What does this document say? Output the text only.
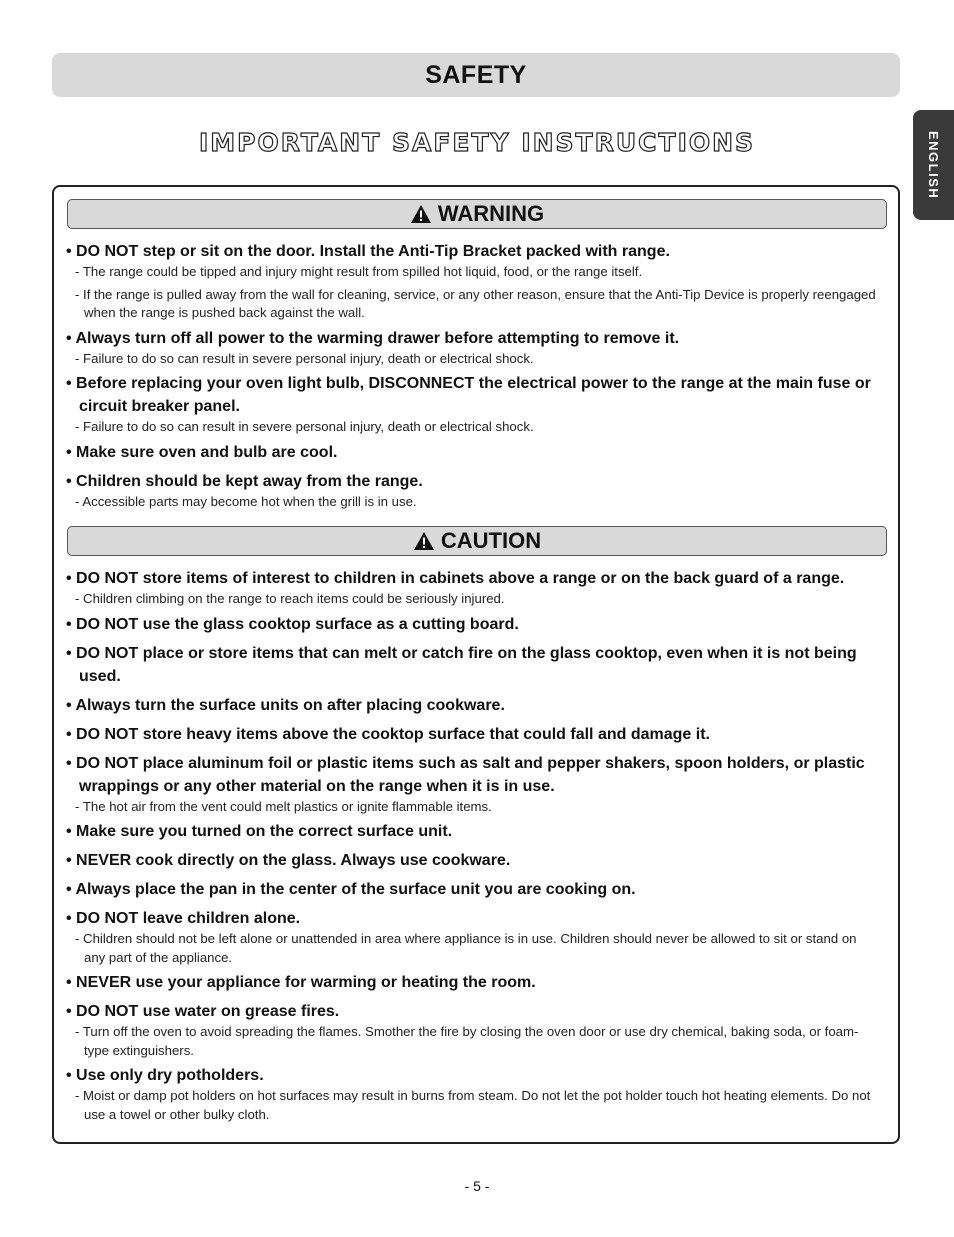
SAFETY
ENGLISH
IMPORTANT SAFETY INSTRUCTIONS
WARNING
• DO NOT step or sit on the door. Install the Anti-Tip Bracket packed with range.
- The range could be tipped and injury might result from spilled hot liquid, food, or the range itself.
- If the range is pulled away from the wall for cleaning, service, or any other reason, ensure that the Anti-Tip Device is properly reengaged when the range is pushed back against the wall.
• Always turn off all power to the warming drawer before attempting to remove it.
- Failure to do so can result in severe personal injury, death or electrical shock.
• Before replacing your oven light bulb, DISCONNECT the electrical power to the range at the main fuse or circuit breaker panel.
- Failure to do so can result in severe personal injury, death or electrical shock.
• Make sure oven and bulb are cool.
• Children should be kept away from the range.
- Accessible parts may become hot when the grill is in use.
CAUTION
• DO NOT store items of interest to children in cabinets above a range or on the back guard of a range.
- Children climbing on the range to reach items could be seriously injured.
• DO NOT use the glass cooktop surface as a cutting board.
• DO NOT place or store items that can melt or catch fire on the glass cooktop, even when it is not being used.
• Always turn the surface units on after placing cookware.
• DO NOT store heavy items above the cooktop surface that could fall and damage it.
• DO NOT place aluminum foil or plastic items such as salt and pepper shakers, spoon holders, or plastic wrappings or any other material on the range when it is in use.
- The hot air from the vent could melt plastics or ignite flammable items.
• Make sure you turned on the correct surface unit.
• NEVER cook directly on the glass. Always use cookware.
• Always place the pan in the center of the surface unit you are cooking on.
• DO NOT leave children alone.
- Children should not be left alone or unattended in area where appliance is in use. Children should never be allowed to sit or stand on any part of the appliance.
• NEVER use your appliance for warming or heating the room.
• DO NOT use water on grease fires.
- Turn off the oven to avoid spreading the flames. Smother the fire by closing the oven door or use dry chemical, baking soda, or foam-type extinguishers.
• Use only dry potholders.
- Moist or damp pot holders on hot surfaces may result in burns from steam. Do not let the pot holder touch hot heating elements. Do not use a towel or other bulky cloth.
- 5 -
